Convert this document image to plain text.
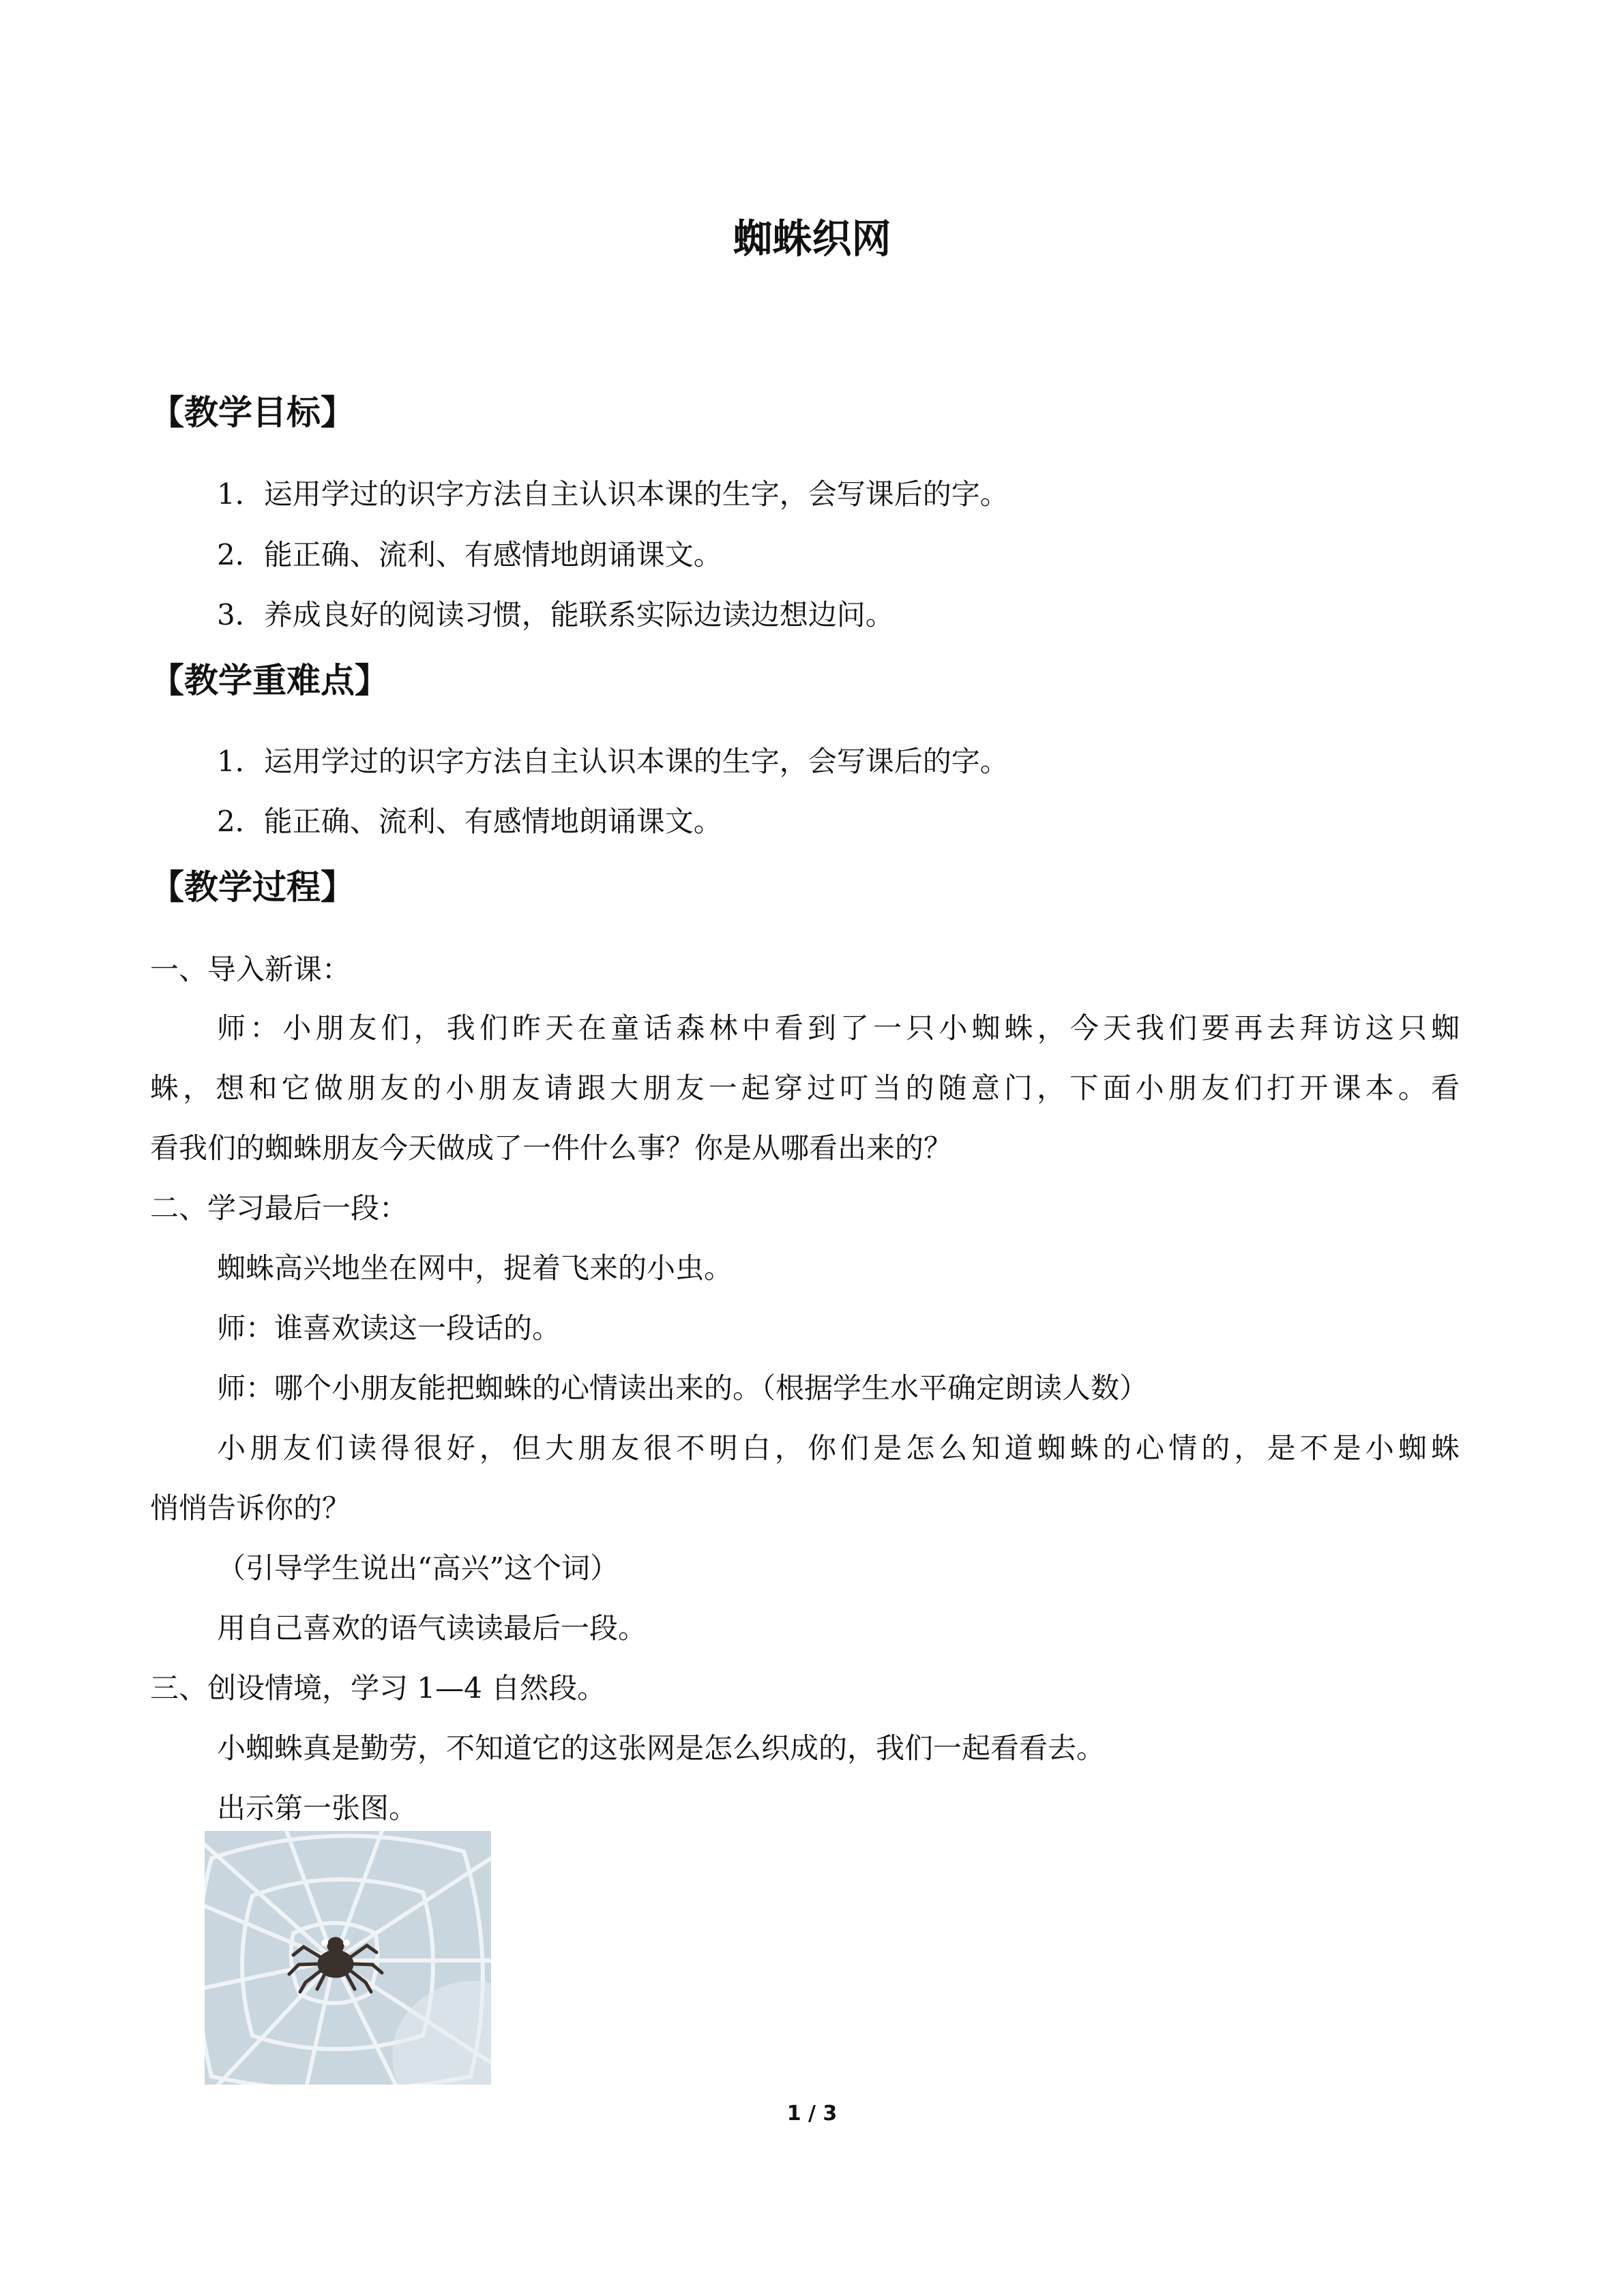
蜘蛛织网
【教学目标】
1．运用学过的识字方法自主认识本课的生字，会写课后的字。
2．能正确、流利、有感情地朗诵课文。
3．养成良好的阅读习惯，能联系实际边读边想边问。
【教学重难点】
1．运用学过的识字方法自主认识本课的生字，会写课后的字。
2．能正确、流利、有感情地朗诵课文。
【教学过程】
一、导入新课：
师：小朋友们，我们昨天在童话森林中看到了一只小蜘蛛，今天我们要再去拜访这只蜘
蛛，想和它做朋友的小朋友请跟大朋友一起穿过叮当的随意门，下面小朋友们打开课本。看
看我们的蜘蛛朋友今天做成了一件什么事？你是从哪看出来的？
二、学习最后一段：
蜘蛛高兴地坐在网中，捉着飞来的小虫。
师：谁喜欢读这一段话的。
师：哪个小朋友能把蜘蛛的心情读出来的。（根据学生水平确定朗读人数）
小朋友们读得很好，但大朋友很不明白，你们是怎么知道蜘蛛的心情的，是不是小蜘蛛
悄悄告诉你的？
（引导学生说出“高兴”这个词）
用自己喜欢的语气读读最后一段。
三、创设情境，学习 1—4 自然段。
小蜘蛛真是勤劳，不知道它的这张网是怎么织成的，我们一起看看去。
出示第一张图。
1 / 3
